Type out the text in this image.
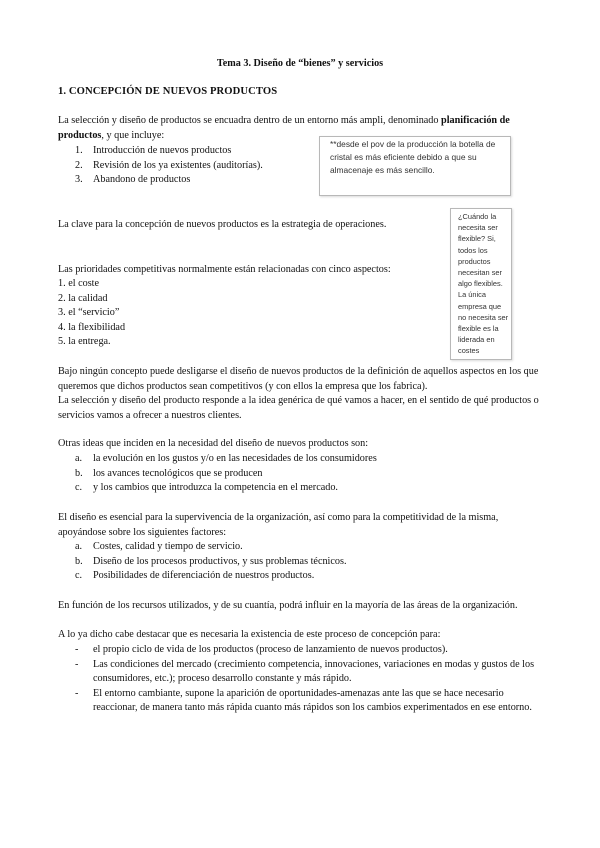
Tema 3. Diseño de “bienes” y servicios
1. CONCEPCIÓN DE NUEVOS PRODUCTOS
La selección y diseño de productos se encuadra dentro de un entorno más ampli, denominado planificación de productos, y que incluye:
1. Introducción de nuevos productos
2. Revisión de los ya existentes (auditorías).
3. Abandono de productos
**desde el pov de la producción la botella de cristal es más eficiente debido a que su almacenaje es más sencillo.
La clave para la concepción de nuevos productos es la estrategia de operaciones.
¿Cuándo la necesita ser flexible? Si, todos los productos necesitan ser algo flexibles. La única empresa que no necesita ser flexible es la liderada en costes
Las prioridades competitivas normalmente están relacionadas con cinco aspectos:
1. el coste
2. la calidad
3. el “servicio”
4. la flexibilidad
5. la entrega.
Bajo ningún concepto puede desligarse el diseño de nuevos productos de la definición de aquellos aspectos en los que queremos que dichos productos sean competitivos (y con ellos la empresa que los fabrica).
La selección y diseño del producto responde a la idea genérica de qué vamos a hacer, en el sentido de qué productos o servicios vamos a ofrecer a nuestros clientes.
Otras ideas que inciden en la necesidad del diseño de nuevos productos son:
a. la evolución en los gustos y/o en las necesidades de los consumidores
b. los avances tecnológicos que se producen
c. y los cambios que introduzca la competencia en el mercado.
El diseño es esencial para la supervivencia de la organización, así como para la competitividad de la misma, apoyándose sobre los siguientes factores:
a. Costes, calidad y tiempo de servicio.
b. Diseño de los procesos productivos, y sus problemas técnicos.
c. Posibilidades de diferenciación de nuestros productos.
En función de los recursos utilizados, y de su cuantía, podrá influir en la mayoría de las áreas de la organización.
A lo ya dicho cabe destacar que es necesaria la existencia de este proceso de concepción para:
- el propio ciclo de vida de los productos (proceso de lanzamiento de nuevos productos).
- Las condiciones del mercado (crecimiento competencia, innovaciones, variaciones en modas y gustos de los consumidores, etc.); proceso desarrollo constante y más rápido.
- El entorno cambiante, supone la aparición de oportunidades-amenazas ante las que se hace necesario reaccionar, de manera tanto más rápida cuanto más rápidos son los cambios experimentados en ese entorno.
